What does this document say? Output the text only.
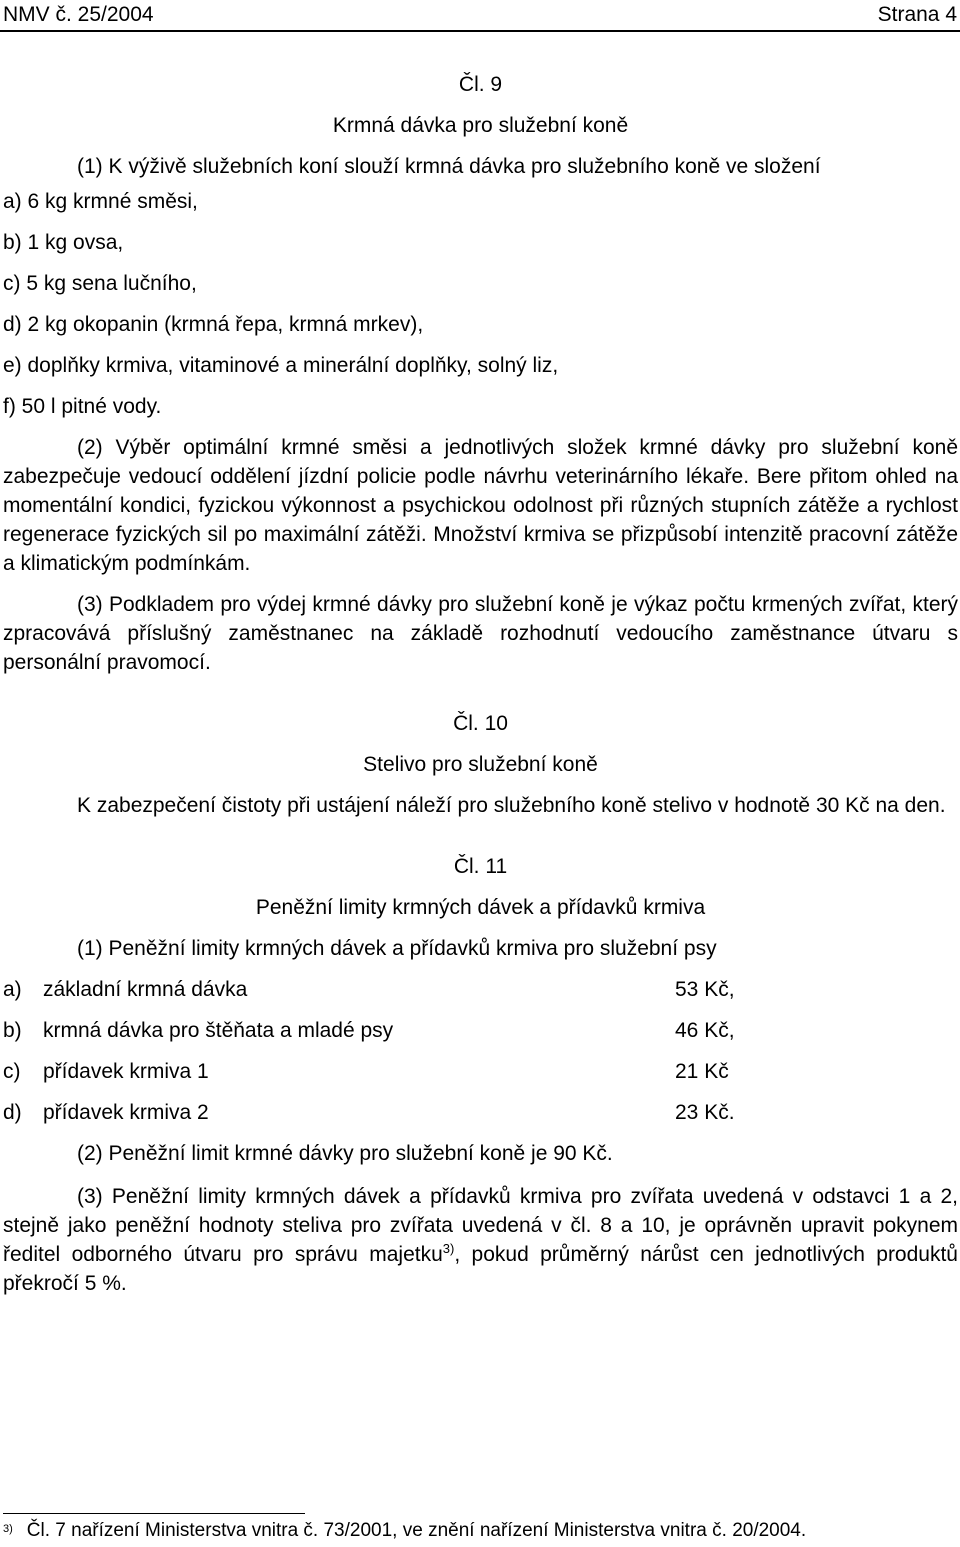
NMV č. 25/2004	Strana 4

Čl. 9

Krmná dávka pro služební koně

(1) K výživě služebních koní slouží krmná dávka pro služebního koně ve složení

a) 6 kg krmné směsi,

b) 1 kg ovsa,

c) 5 kg sena lučního,

d) 2 kg okopanin (krmná řepa, krmná mrkev),

e) doplňky krmiva, vitaminové a minerální doplňky, solný liz,

f) 50 l pitné vody.

(2) Výběr optimální krmné směsi a jednotlivých složek krmné dávky pro služební koně zabezpečuje vedoucí oddělení jízdní policie podle návrhu veterinárního lékaře. Bere přitom ohled na momentální kondici, fyzickou výkonnost a psychickou odolnost při různých stupních zátěže a rychlost regenerace fyzických sil po maximální zátěži. Množství krmiva se přizpůsobí intenzitě pracovní zátěže a klimatickým podmínkám.

(3) Podkladem pro výdej krmné dávky pro služební koně je výkaz počtu krmených zvířat, který zpracovává příslušný zaměstnanec na základě rozhodnutí vedoucího zaměstnance útvaru s personální pravomocí.

Čl. 10

Stelivo pro služební koně

K zabezpečení čistoty při ustájení náleží pro služebního koně stelivo v hodnotě 30 Kč na den.

Čl. 11

Peněžní limity krmných dávek a přídavků krmiva

(1) Peněžní limity krmných dávek a přídavků krmiva pro služební psy

a)	základní krmná dávka	53 Kč,
b)	krmná dávka pro štěňata a mladé psy	46 Kč,
c)	přídavek krmiva 1	21 Kč
d)	přídavek krmiva 2	23 Kč.

(2) Peněžní limit krmné dávky pro služební koně je 90 Kč.

(3) Peněžní limity krmných dávek a přídavků krmiva pro zvířata uvedená v odstavci 1 a 2, stejně jako peněžní hodnoty steliva pro zvířata uvedená v čl. 8 a 10, je oprávněn upravit pokynem ředitel odborného útvaru pro správu majetku$^{3)}$, pokud průměrný nárůst cen jednotlivých produktů překročí 5 %.

$^{3)}$ Čl. 7 nařízení Ministerstva vnitra č. 73/2001, ve znění nařízení Ministerstva vnitra č. 20/2004.
